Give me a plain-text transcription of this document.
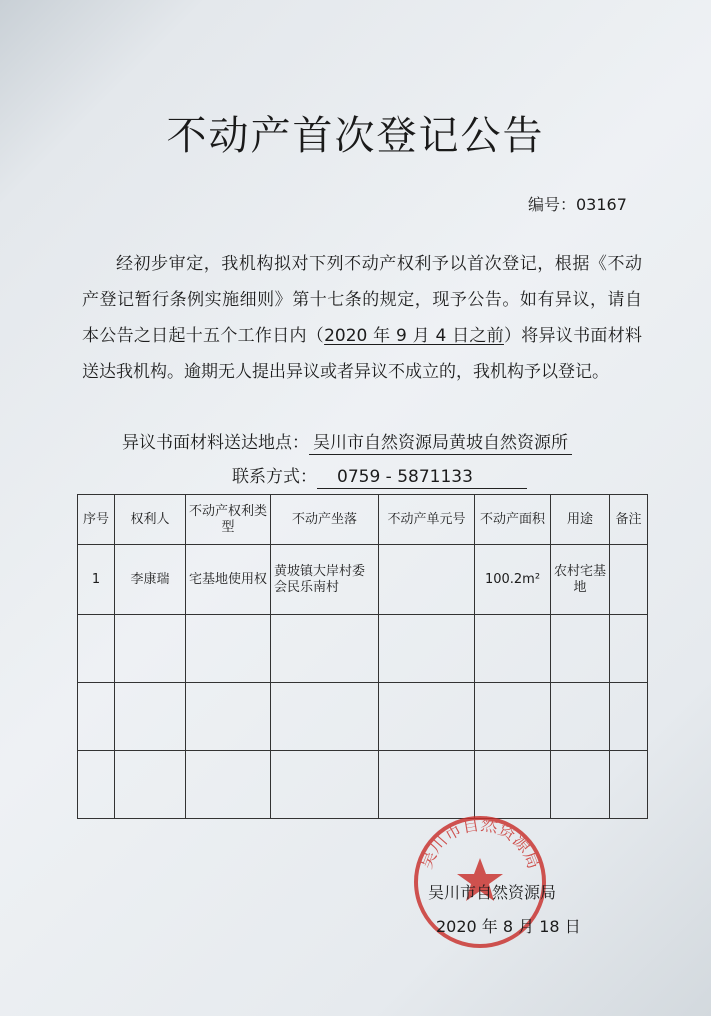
不动产首次登记公告
编号：03167
经初步审定，我机构拟对下列不动产权利予以首次登记，根据《不动产登记暂行条例实施细则》第十七条的规定，现予公告。如有异议，请自本公告之日起十五个工作日内（2020 年 9 月 4 日之前）将异议书面材料送达我机构。逾期无人提出异议或者异议不成立的，我机构予以登记。
异议书面材料送达地点： 吴川市自然资源局黄坡自然资源所
联系方式： 0759 - 5871133
序号	权利人	不动产权利类型	不动产坐落	不动产单元号	不动产面积	用途	备注
1	李康瑞	宅基地使用权	黄坡镇大岸村委会民乐南村		100.2m²	农村宅基地	

吴川市自然资源局
吴川市自然资源局
2020 年 8 月 18 日
